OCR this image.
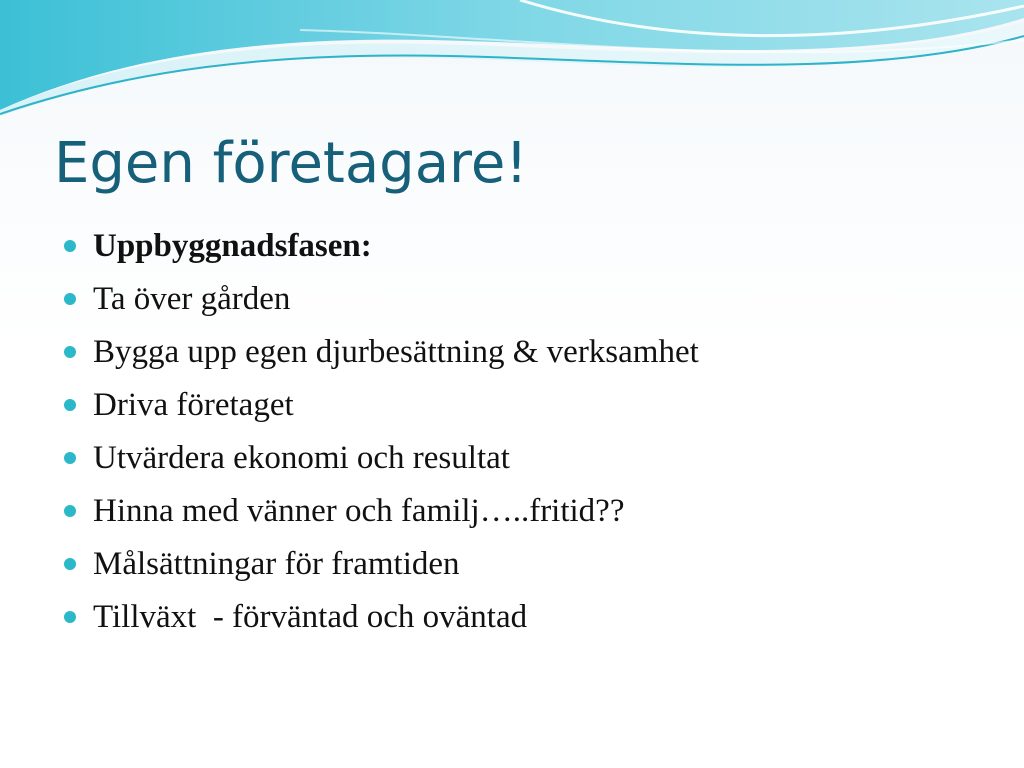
Egen företagare!
Uppbyggnadsfasen:
Ta över gården
Bygga upp egen djurbesättning & verksamhet
Driva företaget
Utvärdera ekonomi och resultat
Hinna med vänner och familj…..fritid??
Målsättningar för framtiden
Tillväxt  - förväntad och oväntad
